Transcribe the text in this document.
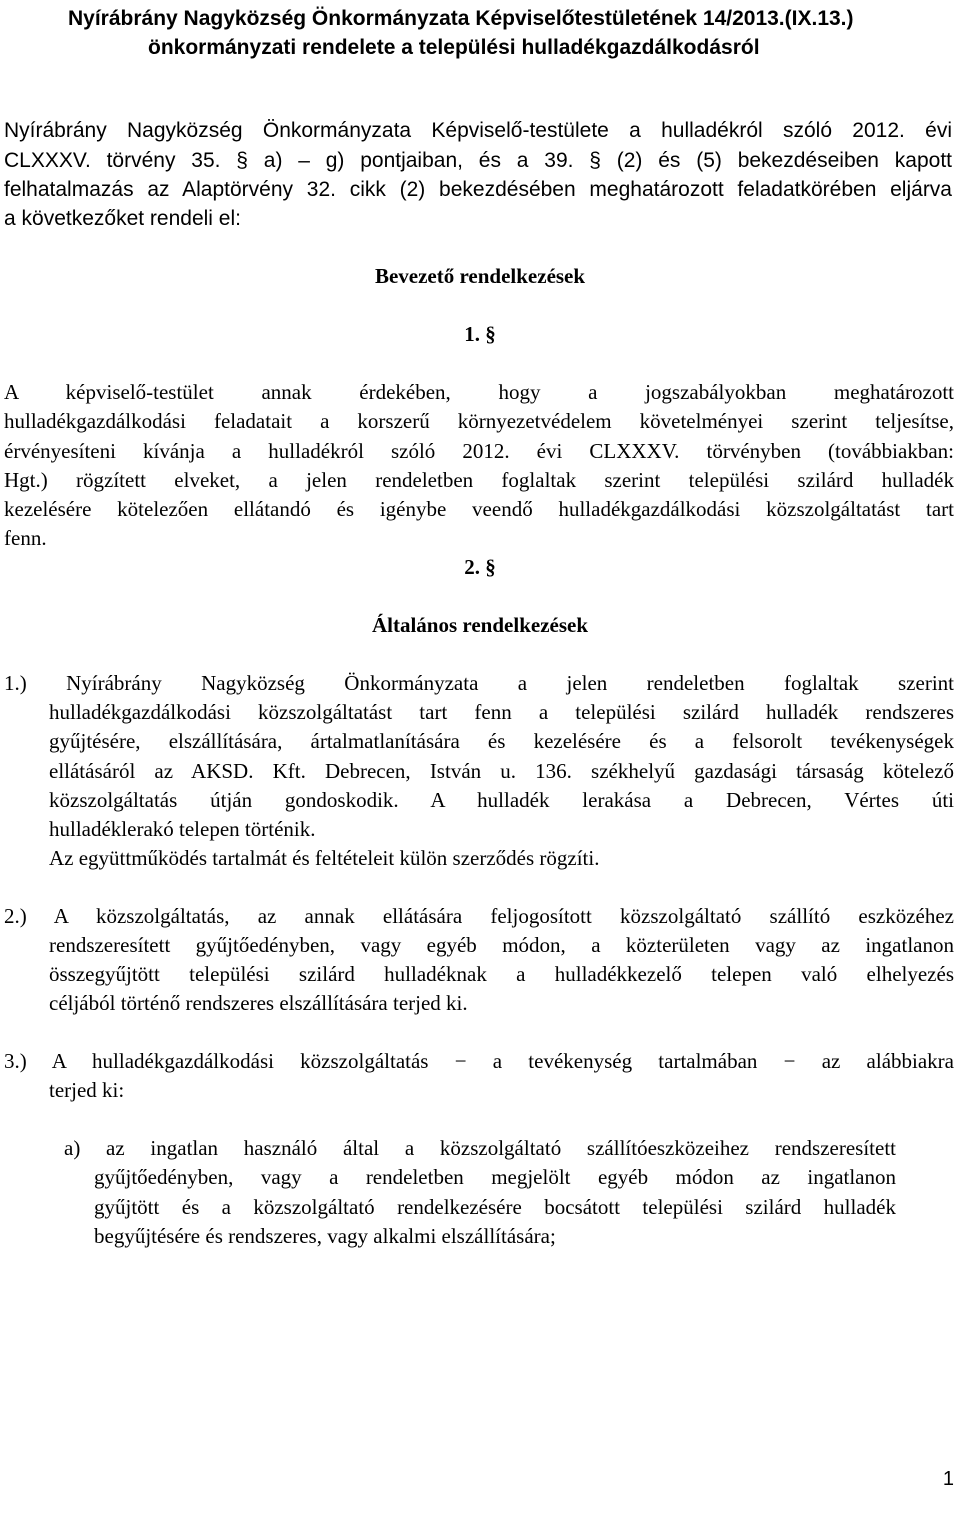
Nyírábrány Nagyközség Önkormányzata Képviselőtestületének 14/2013.(IX.13.)
önkormányzati rendelete a települési hulladékgazdálkodásról
Nyírábrány Nagyközség Önkormányzata Képviselő-testülete a hulladékról szóló 2012. évi
CLXXXV. törvény 35. § a) – g) pontjaiban, és a 39. § (2) és (5) bekezdéseiben kapott
felhatalmazás az Alaptörvény 32. cikk (2) bekezdésében meghatározott feladatkörében eljárva
a következőket rendeli el:
Bevezető rendelkezések
1. §
A képviselő-testület annak érdekében, hogy a jogszabályokban meghatározott
hulladékgazdálkodási feladatait a korszerű környezetvédelem követelményei szerint teljesítse,
érvényesíteni kívánja a hulladékról szóló 2012. évi CLXXXV. törvényben (továbbiakban:
Hgt.) rögzített elveket, a jelen rendeletben foglaltak szerint települési szilárd hulladék
kezelésére kötelezően ellátandó és igénybe veendő hulladékgazdálkodási közszolgáltatást tart
fenn.
2. §
Általános rendelkezések
1.) Nyírábrány Nagyközség Önkormányzata a jelen rendeletben foglaltak szerint
hulladékgazdálkodási közszolgáltatást tart fenn a települési szilárd hulladék rendszeres
gyűjtésére, elszállítására, ártalmatlanítására és kezelésére és a felsorolt tevékenységek
ellátásáról az AKSD. Kft. Debrecen, István u. 136. székhelyű gazdasági társaság kötelező
közszolgáltatás útján gondoskodik. A hulladék lerakása a Debrecen, Vértes úti
hulladéklerakó telepen történik.
Az együttműködés tartalmát és feltételeit külön szerződés rögzíti.
2.) A közszolgáltatás, az annak ellátására feljogosított közszolgáltató szállító eszközéhez
rendszeresített gyűjtőedényben, vagy egyéb módon, a közterületen vagy az ingatlanon
összegyűjtött települési szilárd hulladéknak a hulladékkezelő telepen való elhelyezés
céljából történő rendszeres elszállítására terjed ki.
3.) A hulladékgazdálkodási közszolgáltatás − a tevékenység tartalmában − az alábbiakra
terjed ki:
a) az ingatlan használó által a közszolgáltató szállítóeszközeihez rendszeresített
gyűjtőedényben, vagy a rendeletben megjelölt egyéb módon az ingatlanon
gyűjtött és a közszolgáltató rendelkezésére bocsátott települési szilárd hulladék
begyűjtésére és rendszeres, vagy alkalmi elszállítására;
1
